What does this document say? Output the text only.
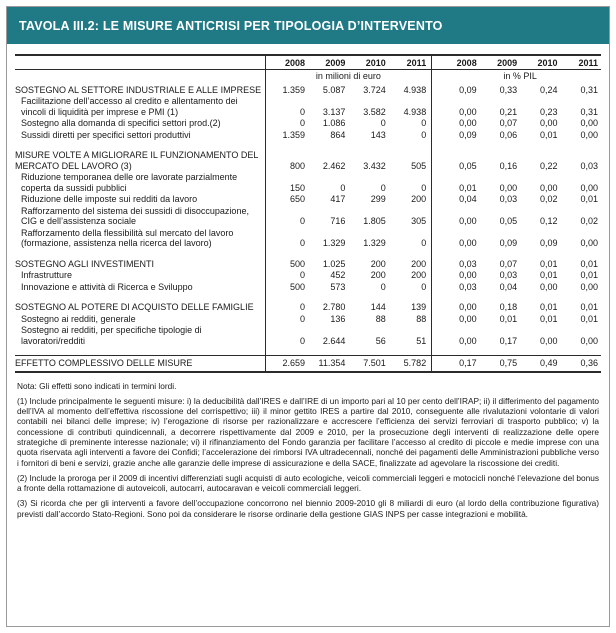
TAVOLA III.2: LE MISURE ANTICRISI PER TIPOLOGIA D’INTERVENTO
	2008	2009	2010	2011		2008	2009	2010	2011
	in milioni di euro					in % PIL			
SOSTEGNO AL SETTORE INDUSTRIALE E ALLE IMPRESE	1.359	5.087	3.724	4.938		0,09	0,33	0,24	0,31
Facilitazione dell’accesso al credito e allentamento dei vincoli di liquidità per imprese e PMI (1)	0	3.137	3.582	4.938		0,00	0,21	0,23	0,31
Sostegno alla domanda di specifici settori prod.(2)	0	1.086	0	0		0,00	0,07	0,00	0,00
Sussidi diretti per specifici settori produttivi	1.359	864	143	0		0,09	0,06	0,01	0,00

MISURE VOLTE A MIGLIORARE IL FUNZIONAMENTO DEL MERCATO DEL LAVORO (3)	800	2.462	3.432	505		0,05	0,16	0,22	0,03
Riduzione temporanea delle ore lavorate parzialmente coperta da sussidi pubblici	150	0	0	0		0,01	0,00	0,00	0,00
Riduzione delle imposte sui redditi da lavoro	650	417	299	200		0,04	0,03	0,02	0,01
Rafforzamento del sistema dei sussidi di disoccupazione, CIG e dell’assistenza sociale	0	716	1.805	305		0,00	0,05	0,12	0,02
Rafforzamento della flessibilità sul mercato del lavoro (formazione, assistenza nella ricerca del lavoro)	0	1.329	1.329	0		0,00	0,09	0,09	0,00

SOSTEGNO AGLI INVESTIMENTI	500	1.025	200	200		0,03	0,07	0,01	0,01
Infrastrutture	0	452	200	200		0,00	0,03	0,01	0,01
Innovazione e attività di Ricerca e Sviluppo	500	573	0	0		0,03	0,04	0,00	0,00

SOSTEGNO AL POTERE DI ACQUISTO DELLE FAMIGLIE	0	2.780	144	139		0,00	0,18	0,01	0,01
Sostegno ai redditi, generale	0	136	88	88		0,00	0,01	0,01	0,01
Sostegno ai redditi, per specifiche tipologie di lavoratori/redditi	0	2.644	56	51		0,00	0,17	0,00	0,00

EFFETTO COMPLESSIVO DELLE MISURE	2.659	11.354	7.501	5.782		0,17	0,75	0,49	0,36

Nota: Gli effetti sono indicati in termini lordi.

(1) Include principalmente le seguenti misure: i) la deducibilità dall’IRES e dall’IRE di un importo pari al 10 per cento dell’IRAP; ii) il differimento del pagamento dell’IVA al momento dell’effettiva riscossione del corrispettivo; iii) il minor gettito IRES a partire dal 2010, conseguente alle rivalutazioni volontarie di valori contabili nei bilanci delle imprese; iv) l’erogazione di risorse per razionalizzare e accrescere l’efficienza dei servizi ferroviari di trasporto pubblico; v) la concessione di contributi quindicennali, a decorrere rispettivamente dal 2009 e 2010, per la prosecuzione degli interventi di realizzazione delle opere strategiche di preminente interesse nazionale; vi) il rifinanziamento del Fondo garanzia per facilitare l’accesso al credito di piccole e medie imprese con una quota riservata agli interventi a favore dei Confidi; l’accelerazione dei rimborsi IVA ultradecennali, nonché dei pagamenti delle Amministrazioni pubbliche verso i fornitori di beni e servizi, grazie anche alle garanzie delle imprese di assicurazione e della SACE, finalizzate ad agevolare la riscossione dei crediti.

(2) Include la proroga per il 2009 di incentivi differenziati sugli acquisti di auto ecologiche, veicoli commerciali leggeri e motocicli nonché l’elevazione del bonus a fronte della rottamazione di autoveicoli, autocarri, autocaravan e veicoli commerciali leggeri.

(3) Si ricorda che per gli interventi a favore dell’occupazione concorrono nel biennio 2009-2010 gli 8 miliardi di euro (al lordo della contribuzione figurativa) previsti dall’accordo Stato-Regioni. Sono poi da considerare le risorse ordinarie della gestione GIAS INPS per casse integrazioni e mobilità.
